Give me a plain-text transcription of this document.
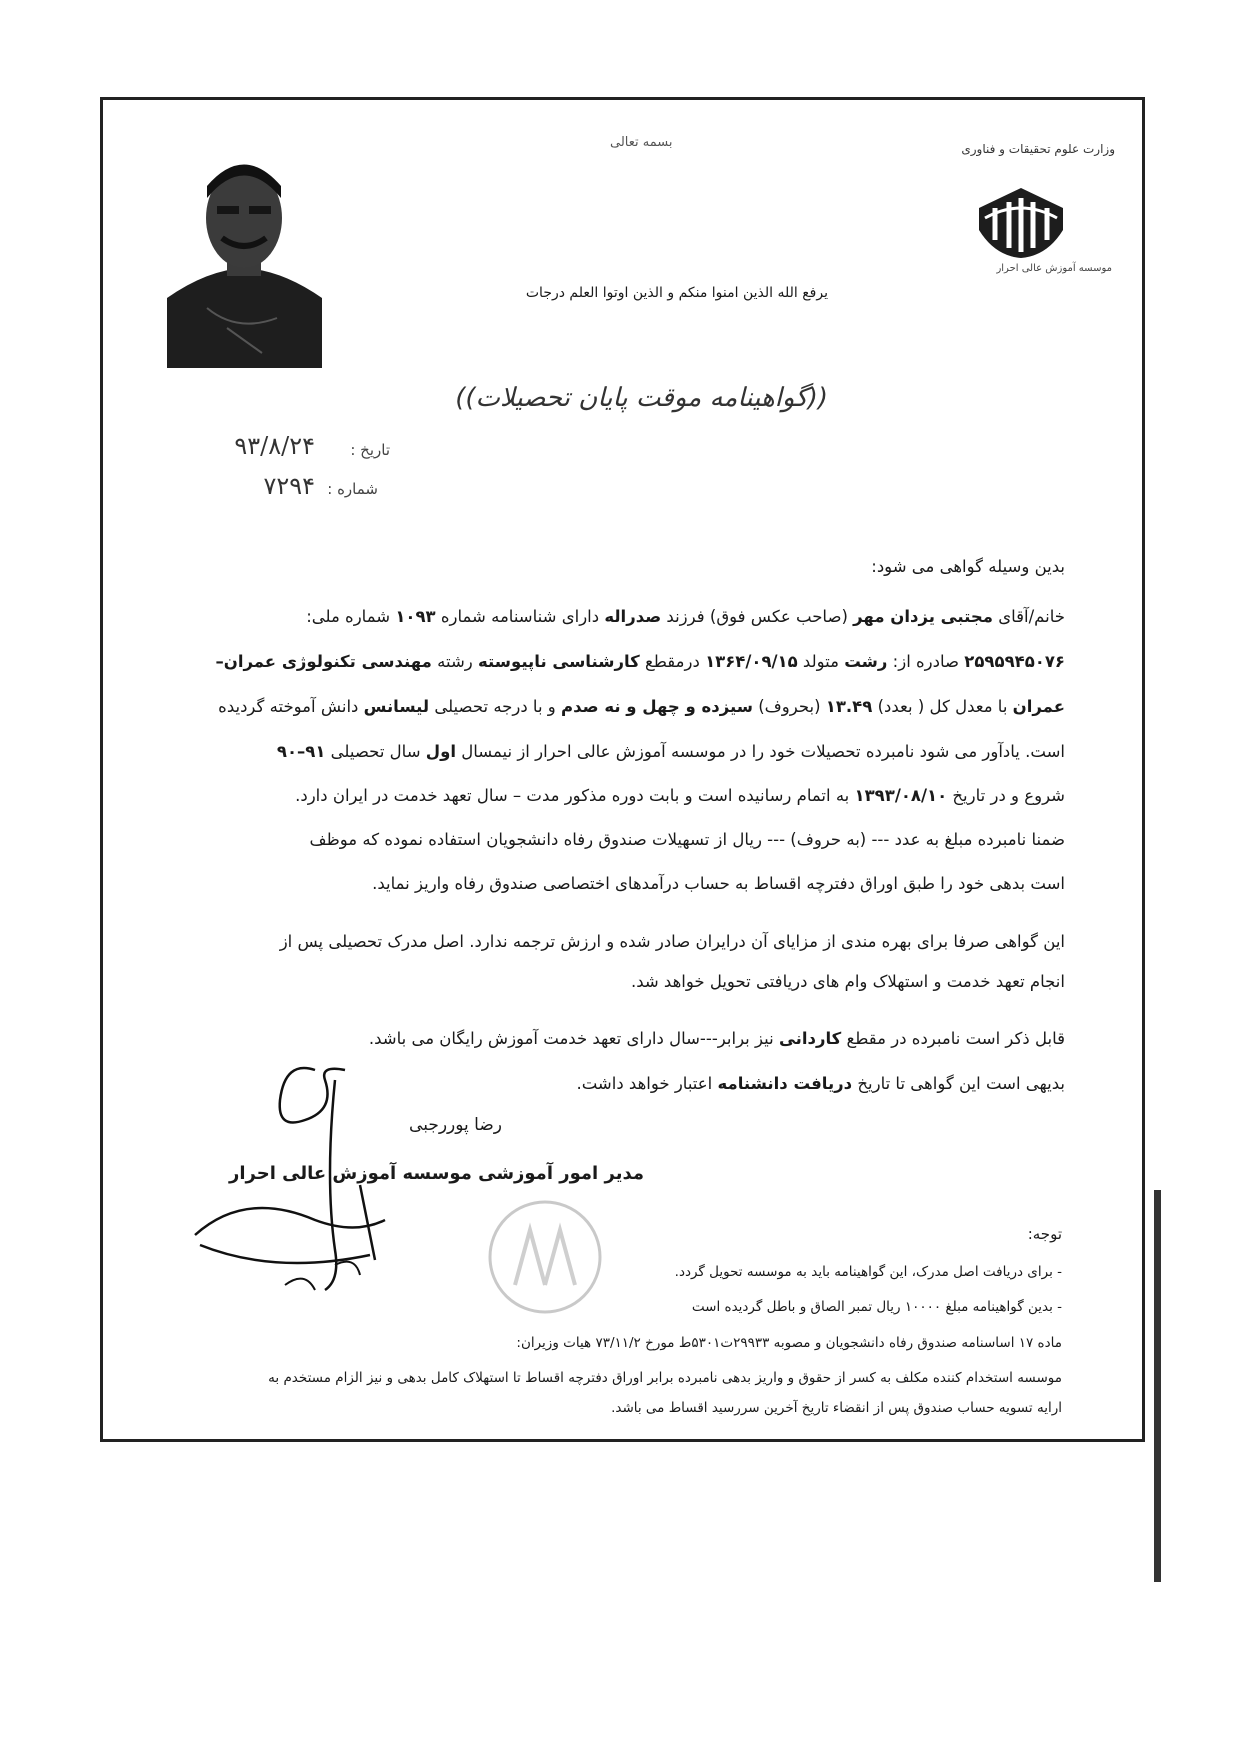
وزارت علوم تحقیقات و فناوری
بسمه تعالی
موسسه آموزش عالی احرار
یرفع الله الذین امنوا منکم و الذین اوتوا العلم درجات
((گواهینامه موقت پایان تحصیلات))
تاریخ :
۹۳/۸/۲۴
شماره :
۷۲۹۴
بدین وسیله گواهی می شود:
خانم/آقای مجتبی یزدان مهر (صاحب عکس فوق) فرزند صدراله دارای شناسنامه شماره ۱۰۹۳ شماره ملی:
۲۵۹۵۹۴۵۰۷۶ صادره از: رشت متولد ۱۳۶۴/۰۹/۱۵ درمقطع کارشناسی ناپیوسته رشته مهندسی تکنولوژی عمران–
عمران با معدل کل ( بعدد) ۱۳.۴۹ (بحروف) سیزده و چهل و نه صدم و با درجه تحصیلی لیسانس دانش آموخته گردیده
است. یادآور می شود نامبرده تحصیلات خود را در موسسه آموزش عالی احرار از نیمسال اول سال تحصیلی ۹۱–۹۰
شروع و در تاریخ ۱۳۹۳/۰۸/۱۰ به اتمام رسانیده است و بابت دوره مذکور مدت – سال تعهد خدمت در ایران دارد.
ضمنا نامبرده مبلغ به عدد --- (به حروف) --- ریال از تسهیلات صندوق رفاه دانشجویان استفاده نموده که موظف
است بدهی خود را طبق اوراق دفترچه اقساط به حساب درآمدهای اختصاصی صندوق رفاه واریز نماید.
این گواهی صرفا برای بهره مندی از مزایای آن درایران صادر شده و ارزش ترجمه ندارد. اصل مدرک تحصیلی پس از
انجام تعهد خدمت و استهلاک وام های دریافتی تحویل خواهد شد.
قابل ذکر است نامبرده در مقطع کاردانی نیز برابر---سال دارای تعهد خدمت آموزش رایگان می باشد.
بدیهی است این گواهی تا تاریخ دریافت دانشنامه اعتبار خواهد داشت.
رضا پوررجبی
مدیر امور آموزشی موسسه آموزش عالی احرار
توجه:
- برای دریافت اصل مدرک، این گواهینامه باید به موسسه تحویل گردد.
- بدین گواهینامه مبلغ ۱۰۰۰۰ ریال تمبر الصاق و باطل گردیده است
ماده ۱۷ اساسنامه صندوق رفاه دانشجویان و مصوبه ۲۹۹۳۳ت۵۳۰۱ط مورخ ۷۳/۱۱/۲ هیات وزیران:
موسسه استخدام کننده مکلف به کسر از حقوق و واریز بدهی نامبرده برابر اوراق دفترچه اقساط تا استهلاک کامل بدهی و نیز الزام مستخدم به
ارایه تسویه حساب صندوق پس از انقضاء تاریخ آخرین سررسید اقساط می باشد.
